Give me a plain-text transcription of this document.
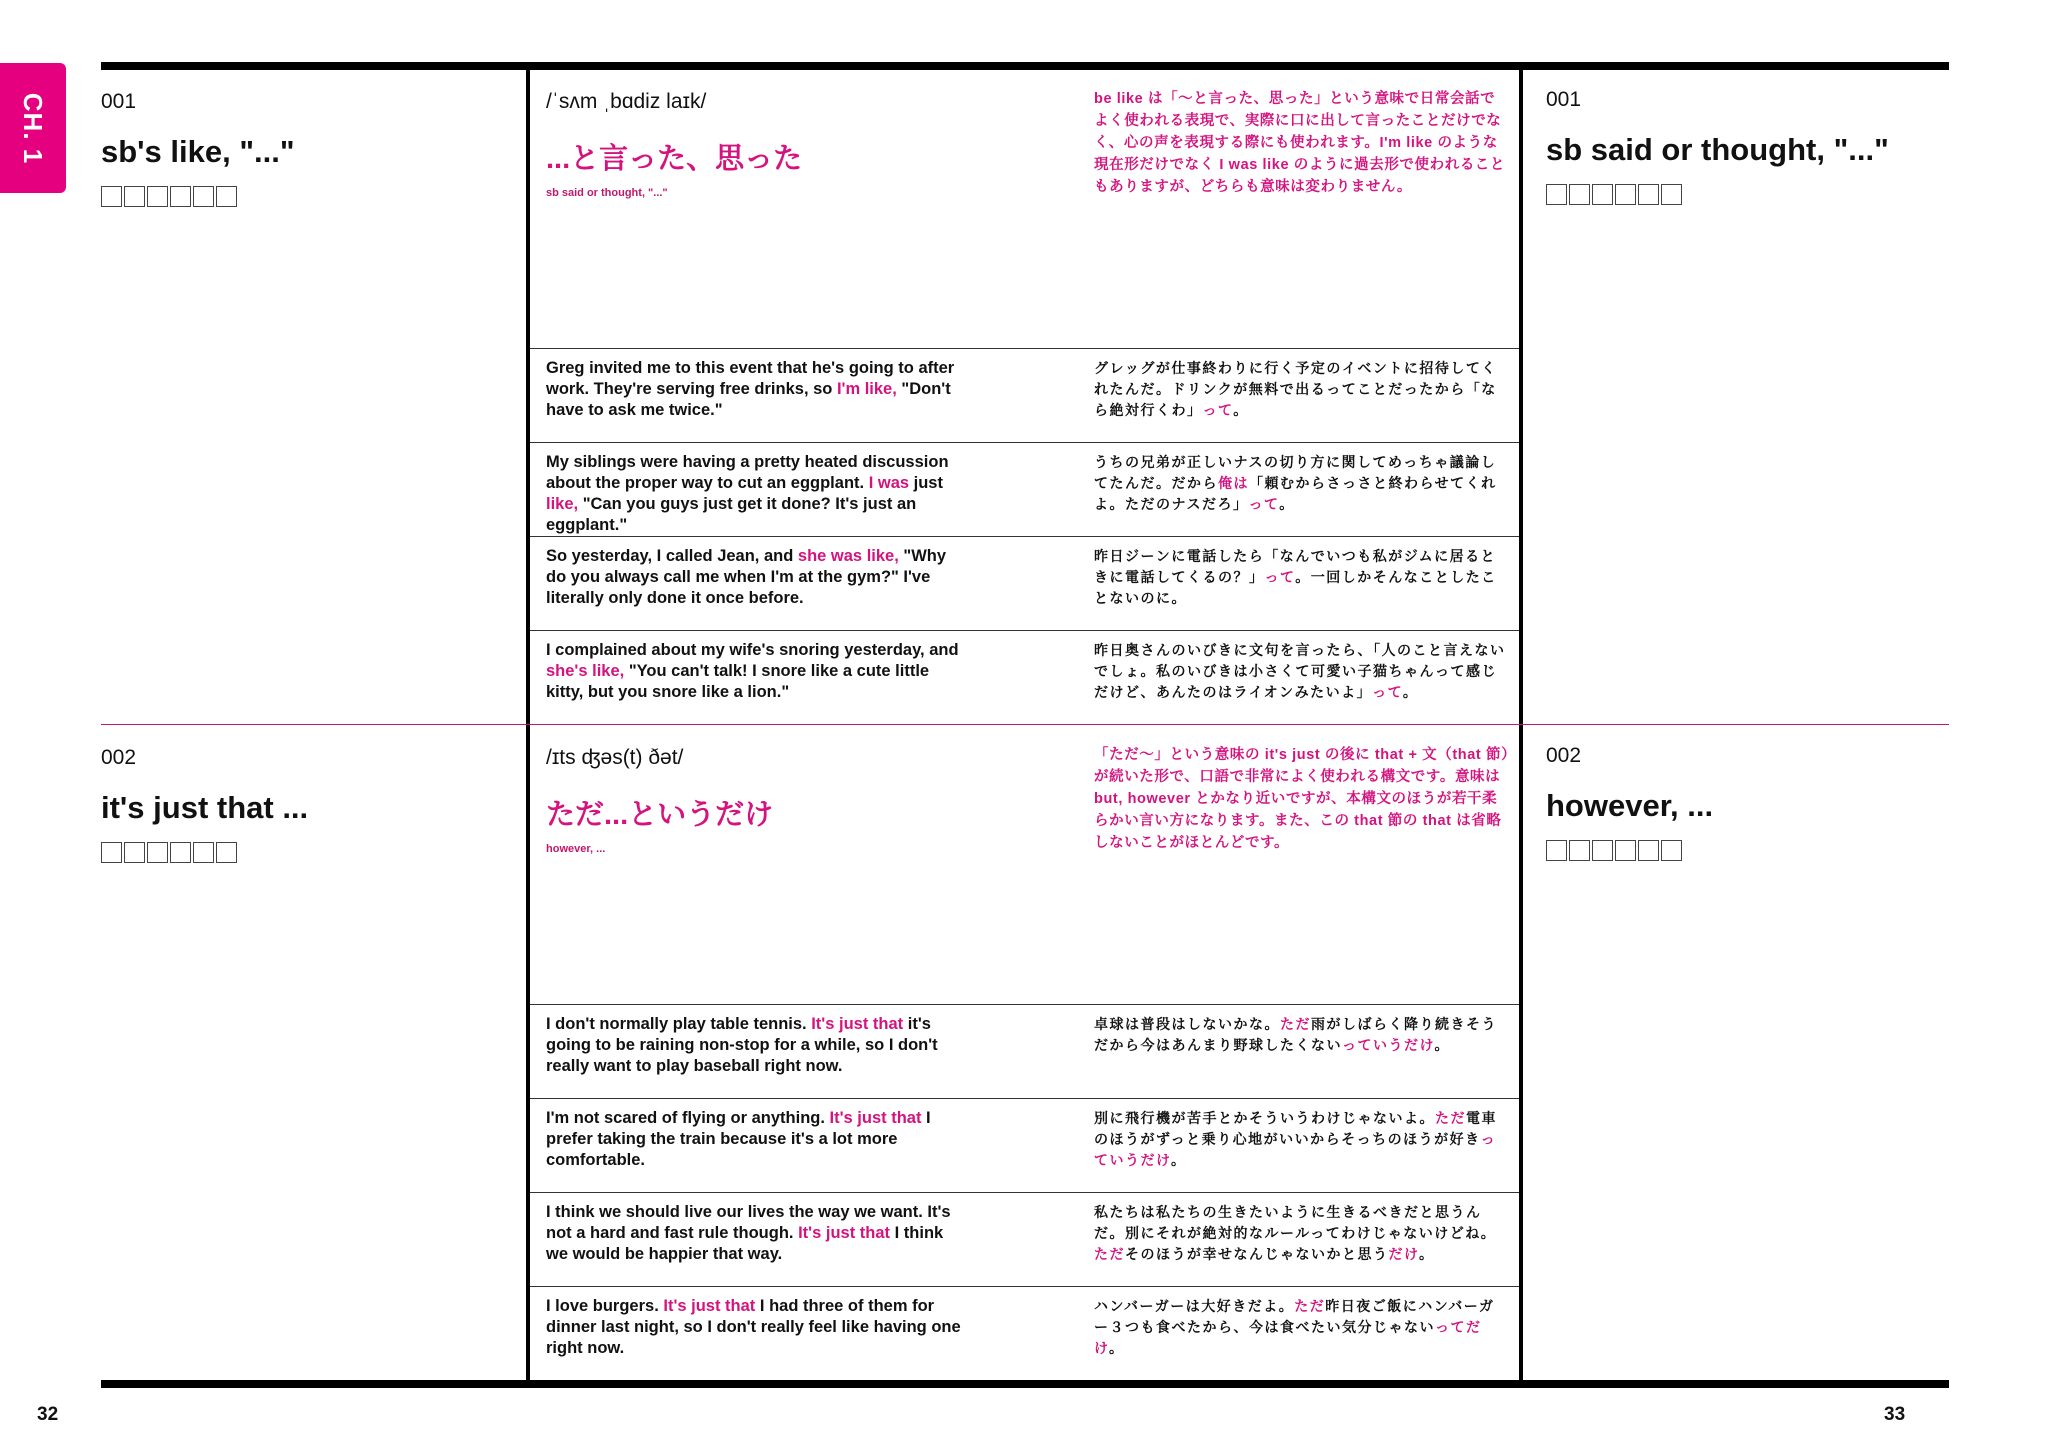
CH. 1	001
sb's like, "..."
/ˈsʌm ˌbɑdiz laɪk/
...と言った、思った
sb said or thought, "..."
be like は「〜と言った、思った」という意味で日常会話でよく使われる表現で、実際に口に出して言ったことだけでなく、心の声を表現する際にも使われます。I'm like のような現在形だけでなく I was like のように過去形で使われることもありますが、どちらも意味は変わりません。
Greg invited me to this event that he's going to after work. They're serving free drinks, so I'm like, "Don't have to ask me twice."
グレッグが仕事終わりに行く予定のイベントに招待してくれたんだ。ドリンクが無料で出るってことだったから「なら絶対行くわ」って。
My siblings were having a pretty heated discussion about the proper way to cut an eggplant. I was just like, "Can you guys just get it done? It's just an eggplant."
うちの兄弟が正しいナスの切り方に関してめっちゃ議論してたんだ。だから俺は「頼むからさっさと終わらせてくれよ。ただのナスだろ」って。
So yesterday, I called Jean, and she was like, "Why do you always call me when I'm at the gym?" I've literally only done it once before.
昨日ジーンに電話したら「なんでいつも私がジムに居るときに電話してくるの？」って。一回しかそんなことしたことないのに。
I complained about my wife's snoring yesterday, and she's like, "You can't talk! I snore like a cute little kitty, but you snore like a lion."
昨日奥さんのいびきに文句を言ったら、「人のこと言えないでしょ。私のいびきは小さくて可愛い子猫ちゃんって感じだけど、あんたのはライオンみたいよ」って。
001
sb said or thought, "..."
002
it's just that ...
/ɪts ʤəs(t) ðət/
ただ...というだけ
however, ...
「ただ〜」という意味の it's just の後に that + 文（that 節）が続いた形で、口語で非常によく使われる構文です。意味は but, however とかなり近いですが、本構文のほうが若干柔らかい言い方になります。また、この that 節の that は省略しないことがほとんどです。
I don't normally play table tennis. It's just that it's going to be raining non-stop for a while, so I don't really want to play baseball right now.
卓球は普段はしないかな。ただ雨がしばらく降り続きそうだから今はあんまり野球したくないっていうだけ。
I'm not scared of flying or anything. It's just that I prefer taking the train because it's a lot more comfortable.
別に飛行機が苦手とかそういうわけじゃないよ。ただ電車のほうがずっと乗り心地がいいからそっちのほうが好きっていうだけ。
I think we should live our lives the way we want. It's not a hard and fast rule though. It's just that I think we would be happier that way.
私たちは私たちの生きたいように生きるべきだと思うんだ。別にそれが絶対的なルールってわけじゃないけどね。ただそのほうが幸せなんじゃないかと思うだけ。
I love burgers. It's just that I had three of them for dinner last night, so I don't really feel like having one right now.
ハンバーガーは大好きだよ。ただ昨日夜ご飯にハンバーガー３つも食べたから、今は食べたい気分じゃないってだけ。
002
however, ...
32	33
